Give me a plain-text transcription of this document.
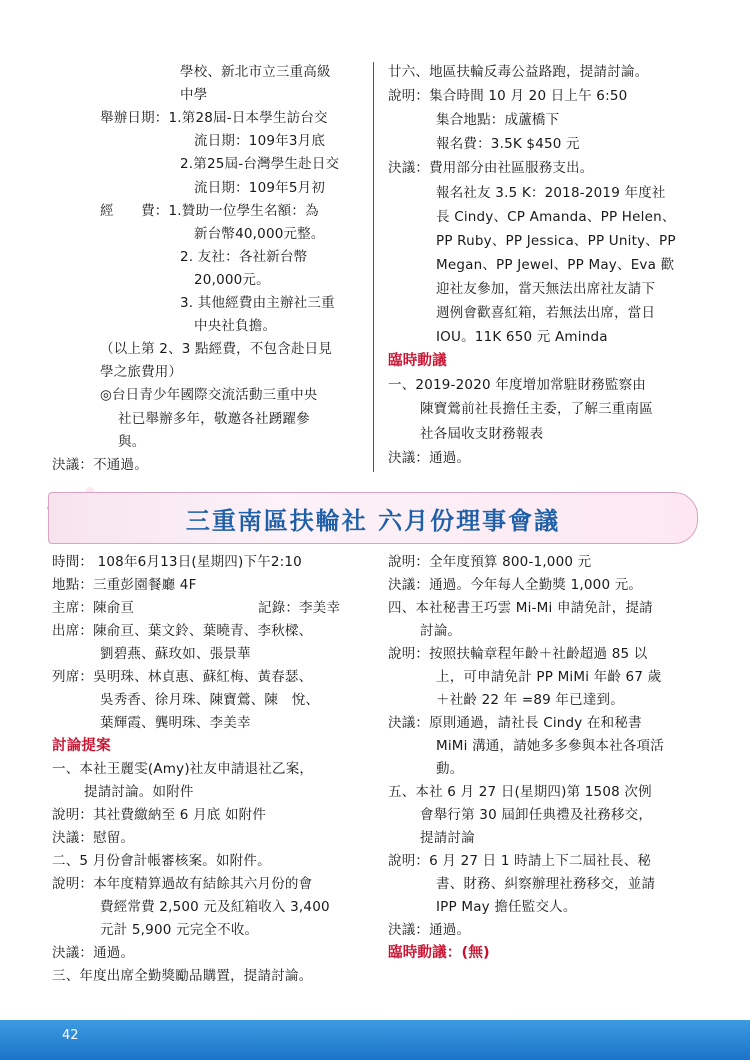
三重南區扶輪社 六月份理事會議
42
學校、新北市立三重高級
中學
舉辦日期：1.第28屆-日本學生訪台交
流日期：109年3月底
2.第25屆-台灣學生赴日交
流日期：109年5月初
經　　費：1.贊助一位學生名額：為
新台幣40,000元整。
2. 友社：各社新台幣
20,000元。
3. 其他經費由主辦社三重
中央社負擔。
（以上第 2、3 點經費，不包含赴日見
學之旅費用）
◎台日青少年國際交流活動三重中央
社已舉辦多年，敬邀各社踴躍參
與。
決議：不通過。
廿六、地區扶輪反毒公益路跑，提請討論。
說明：集合時間 10 月 20 日上午 6:50
集合地點：成蘆橋下
報名費：3.5K $450 元
決議：費用部分由社區服務支出。
報名社友 3.5 K：2018-2019 年度社
長 Cindy、CP Amanda、PP Helen、
PP Ruby、PP Jessica、PP Unity、PP
Megan、PP Jewel、PP May、Eva 歡
迎社友參加，當天無法出席社友請下
週例會歡喜紅箱，若無法出席，當日
IOU。11K 650 元 Aminda
臨時動議
一、2019-2020 年度增加常駐財務監察由
陳寶鶯前社長擔任主委，了解三重南區
社各屆收支財務報表
決議：通過。
時間： 108年6月13日(星期四)下午2:10
地點：三重彭園餐廳 4F
主席：陳俞亘	記錄：李美幸
出席：陳俞亘、葉文鈴、葉曉青、李秋樑、
劉碧燕、蘇玫如、張景華
列席：吳明珠、林貞惠、蘇紅梅、黃春瑟、
吳秀香、徐月珠、陳寶鶯、陳　悅、
葉輝霞、龔明珠、李美幸
討論提案
一、本社王麗雯(Amy)社友申請退社乙案，
提請討論。如附件
說明：其社費繳納至 6 月底 如附件
決議：慰留。
二、5 月份會計帳審核案。如附件。
說明：本年度精算過故有結餘其六月份的會
費經常費 2,500 元及紅箱收入 3,400
元計 5,900 元完全不收。
決議：通過。
三、年度出席全勤獎勵品購置，提請討論。
說明：全年度預算 800-1,000 元
決議：通過。今年每人全勤獎 1,000 元。
四、本社秘書王巧雲 Mi-Mi 申請免計，提請
討論。
說明：按照扶輪章程年齡＋社齡超過 85 以
上，可申請免計 PP MiMi 年齡 67 歲
＋社齡 22 年 =89 年已達到。
決議：原則通過，請社長 Cindy 在和秘書
MiMi 溝通，請她多多參與本社各項活
動。
五、本社 6 月 27 日(星期四)第 1508 次例
會舉行第 30 屆卸任典禮及社務移交，
提請討論
說明：6 月 27 日 1 時請上下二屆社長、秘
書、財務、糾察辦理社務移交，並請
IPP May 擔任監交人。
決議：通過。
臨時動議：(無)
